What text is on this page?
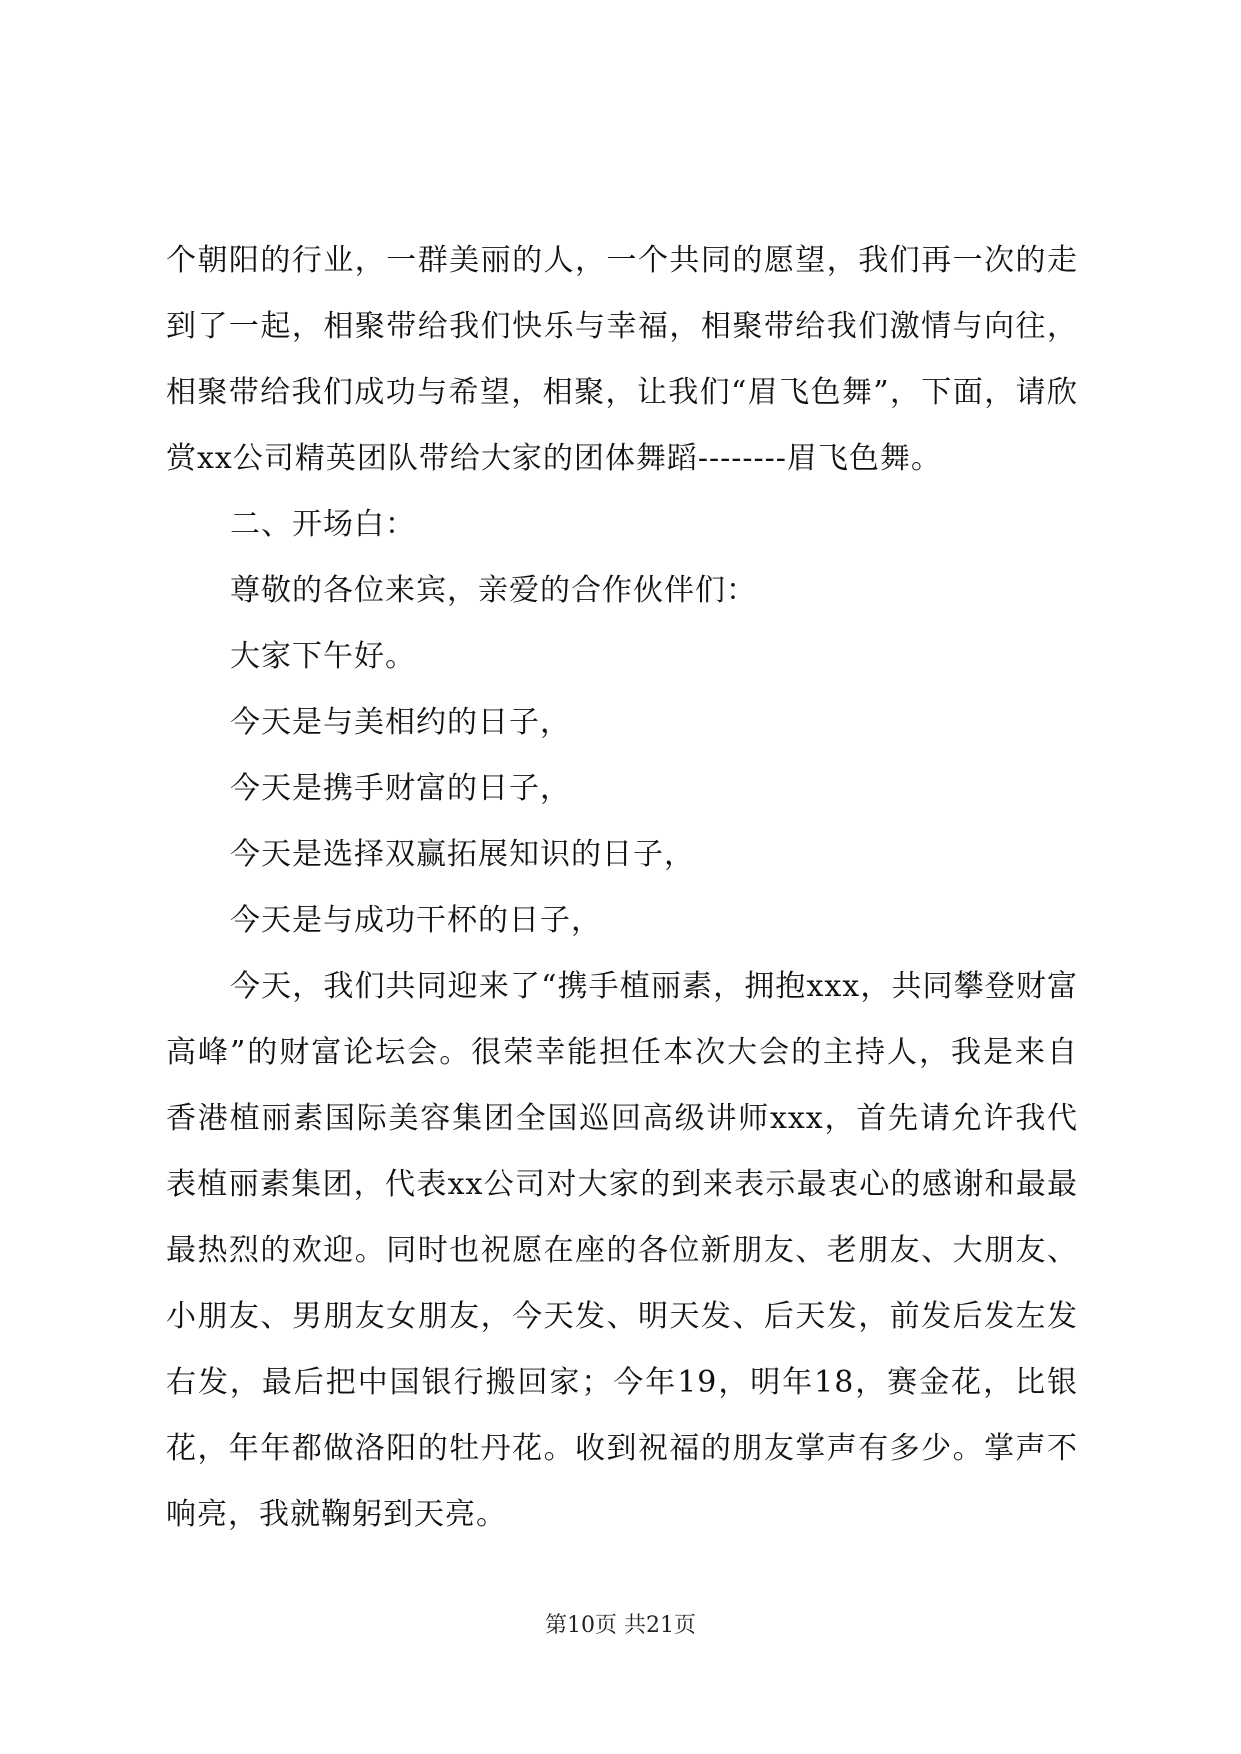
个朝阳的行业，一群美丽的人，一个共同的愿望，我们再一次的走到了一起，相聚带给我们快乐与幸福，相聚带给我们激情与向往，相聚带给我们成功与希望，相聚，让我们“眉飞色舞”，下面，请欣赏xx公司精英团队带给大家的团体舞蹈--------眉飞色舞。

二、开场白：

尊敬的各位来宾，亲爱的合作伙伴们：

大家下午好。

今天是与美相约的日子，

今天是携手财富的日子，

今天是选择双赢拓展知识的日子，

今天是与成功干杯的日子，

今天，我们共同迎来了“携手植丽素，拥抱xxx，共同攀登财富高峰”的财富论坛会。很荣幸能担任本次大会的主持人，我是来自香港植丽素国际美容集团全国巡回高级讲师xxx，首先请允许我代表植丽素集团，代表xx公司对大家的到来表示最衷心的感谢和最最最热烈的欢迎。同时也祝愿在座的各位新朋友、老朋友、大朋友、小朋友、男朋友女朋友，今天发、明天发、后天发，前发后发左发右发，最后把中国银行搬回家；今年19，明年18，赛金花，比银花，年年都做洛阳的牡丹花。收到祝福的朋友掌声有多少。掌声不响亮，我就鞠躬到天亮。

第10页 共21页
